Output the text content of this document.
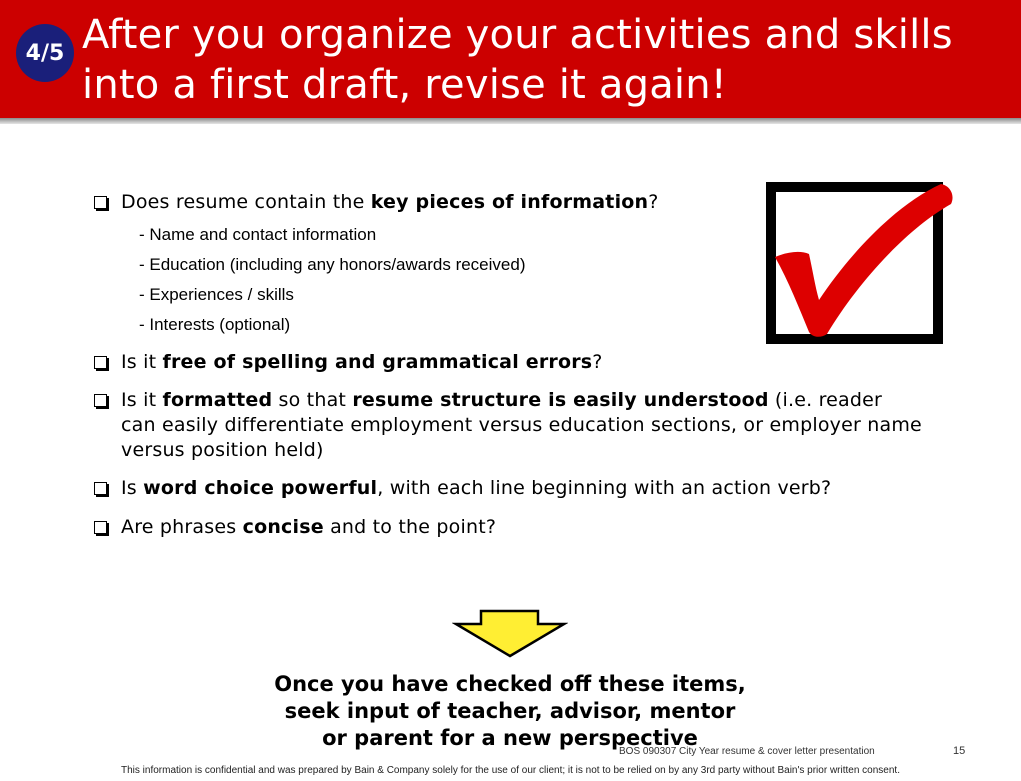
4/5 After you organize your activities and skills
into a first draft, revise it again!
Does resume contain the key pieces of information?
- Name and contact information
- Education (including any honors/awards received)
- Experiences / skills
- Interests (optional)
Is it free of spelling and grammatical errors?
Is it formatted so that resume structure is easily understood (i.e. reader can easily differentiate employment versus education sections, or employer name versus position held)
Is word choice powerful, with each line beginning with an action verb?
Are phrases concise and to the point?

Once you have checked off these items,
seek input of teacher, advisor, mentor
or parent for a new perspective

BOS 090307 City Year resume & cover letter presentation	15
This information is confidential and was prepared by Bain & Company solely for the use of our client; it is not to be relied on by any 3rd party without Bain's prior written consent.
